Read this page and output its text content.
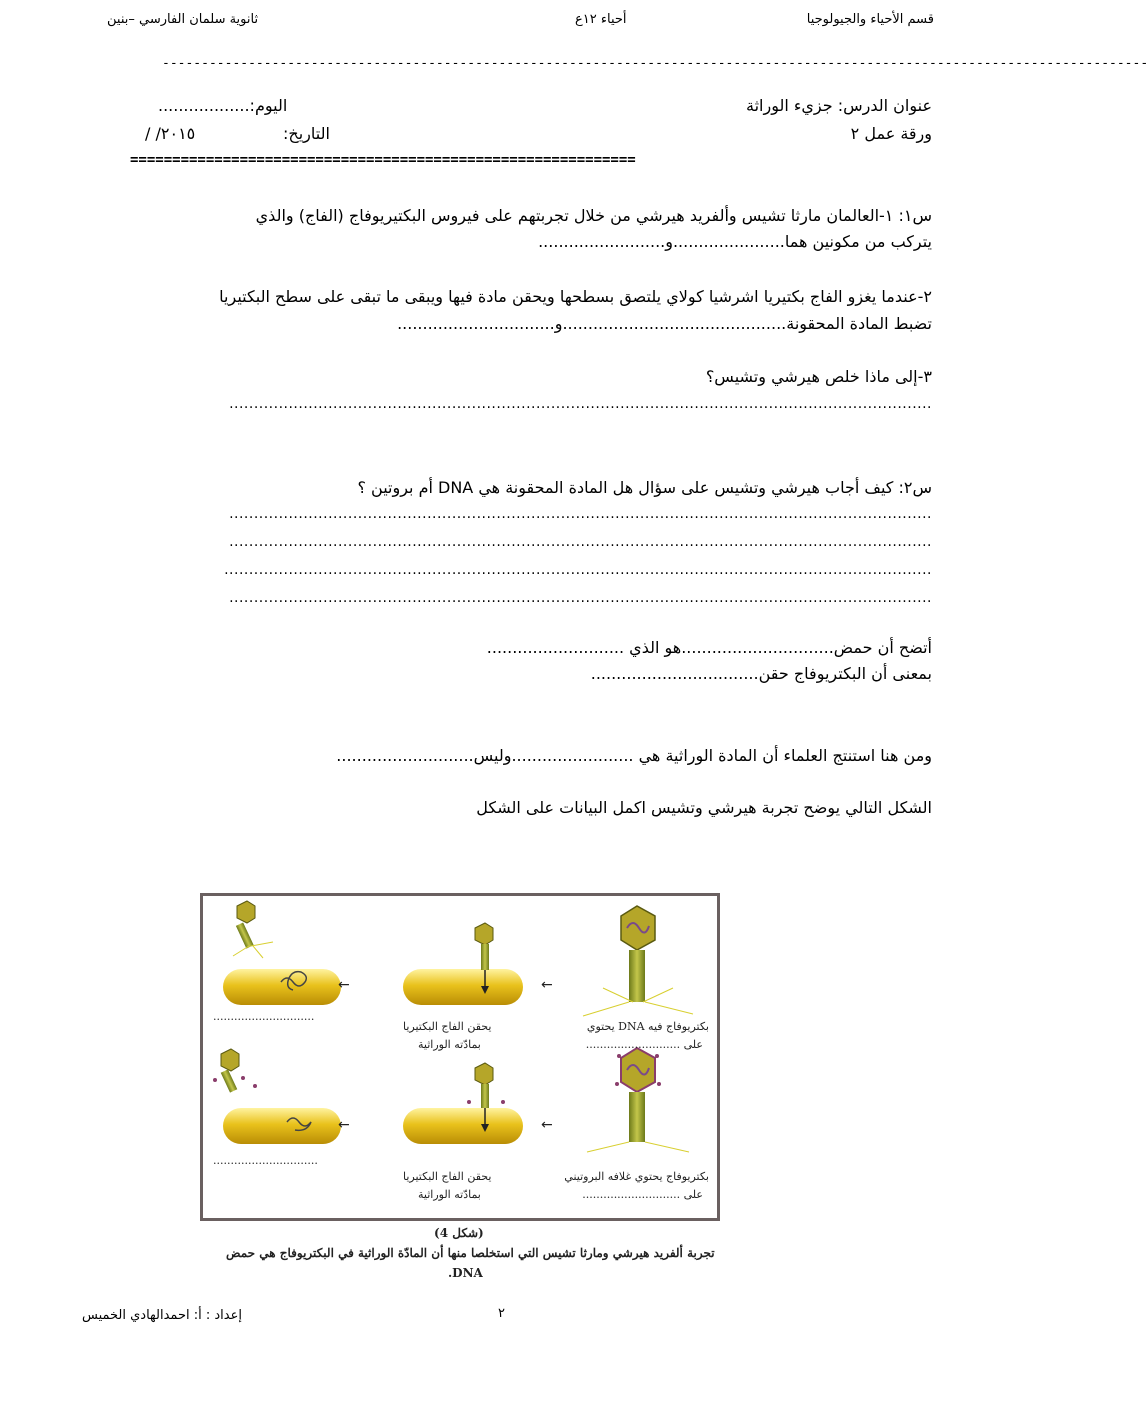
قسم الأحياء والجيولوجيا
أحياء ١٢ع
ثانوية سلمان الفارسي –بنين
------------------------------------------------------------------------------------------------------------------------------
عنوان الدرس: جزيء الوراثة
اليوم:..................
ورقة عمل ٢
التاريخ:
/ /٢٠١٥
============================================================
س١: ١-العالمان مارثا تشيس وألفريد هيرشي من خلال تجربتهم على فيروس البكتيريوفاج (الفاج) والذي
يتركب من مكونين هما......................و.........................
٢-عندما يغزو الفاج بكتيريا اشرشيا كولاي يلتصق بسطحها ويحقن مادة فيها ويبقى ما تبقى على سطح البكتيريا
تضبط المادة المحقونة............................................و...............................
٣-إلى ماذا خلص هيرشي وتشيس؟
..............................................................................................................................................
س٢: كيف أجاب هيرشي وتشيس على سؤال هل المادة المحقونة هي DNA أم بروتين ؟
..............................................................................................................................................
..............................................................................................................................................
...............................................................................................................................................
..............................................................................................................................................
أتضح أن حمض..............................هو الذي ...........................
بمعنى أن البكتريوفاج حقن.................................
ومن هنا استنتج العلماء أن المادة الوراثية هي ........................وليس...........................
الشكل التالي يوضح تجربة هيرشي وتشيس اكمل البيانات على الشكل
←	←
←	←
بكتريوفاج فيه DNA يحتوي
على ...........................
يحقن الفاج البكتيريا
بمادّته الوراثية
.............................
بكتريوفاج يحتوي غلافه البروتيني
على ............................
يحقن الفاج البكتيريا
بمادّته الوراثية
..............................
(شكل 4)
تجربة ألفريد هيرشي ومارثا تشيس التي استخلصا منها أن المادّة الوراثية في البكتريوفاج هي حمض
.DNA
إعداد : أ: احمدالهادي الخميس	٢
